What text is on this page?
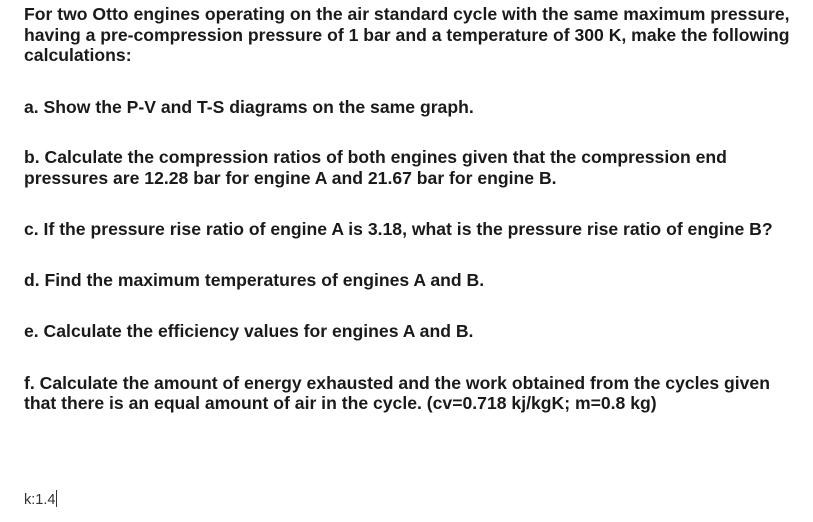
For two Otto engines operating on the air standard cycle with the same maximum pressure, having a pre-compression pressure of 1 bar and a temperature of 300 K, make the following calculations:

a. Show the P-V and T-S diagrams on the same graph.

b. Calculate the compression ratios of both engines given that the compression end pressures are 12.28 bar for engine A and 21.67 bar for engine B.

c. If the pressure rise ratio of engine A is 3.18, what is the pressure rise ratio of engine B?

d. Find the maximum temperatures of engines A and B.

e. Calculate the efficiency values for engines A and B.

f. Calculate the amount of energy exhausted and the work obtained from the cycles given that there is an equal amount of air in the cycle. (cv=0.718 kj/kgK; m=0.8 kg)

k:1.4
